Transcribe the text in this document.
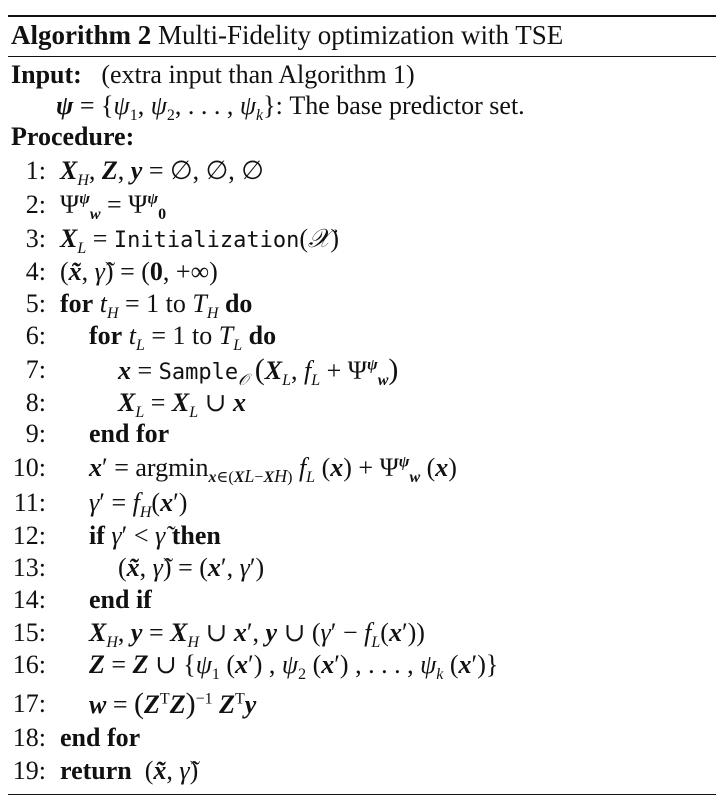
Algorithm 2 Multi-Fidelity optimization with TSE
Input: (extra input than Algorithm 1)
$\psi = \{\psi_1$, $\psi_2$, . . . , $\psi_k$}: The base predictor set.
Procedure:
1: $X_H$, Z, y = ∅, ∅, ∅
2: $\Psi^\psi_w = \Psi^\psi_0$
3: $X_L$ = Initialization(𝒳)
4: (x̃, γ̃) = (0, +∞)
5: for $t_H = 1$ to $T_H$ do
6: for $t_L = 1$ to $T_L$ do
7:	x = Sample$_𝒪$ ($X_L$, $f_L + \Psi^\psi_w$)
8:	$X_L = X_L$ ∪ x
9: end for
10: x′ = argmin$_{x\in(XL-XH)}$ $f_L$ $(x) + \Psi^\psi_w$ (x)
11: $\gamma' = f_H(x')$
12: if γ′ < γ̃ then
13:	(x̃, γ̃) = (x′, γ′)
14: end if
15: $X_H$, $y = X_H$ ∪ x′, y ∪ $(\gamma' - f_L(x'))$
16: Z = Z ∪ {$\psi_1$ (x′) , $\psi_2$ (x′) , . . . , $\psi_k$ (x′)}
17: $w = (Z^TZ)^{-1}$ $Z^Ty$
18: end for
19: return  (x̃, γ̃)
